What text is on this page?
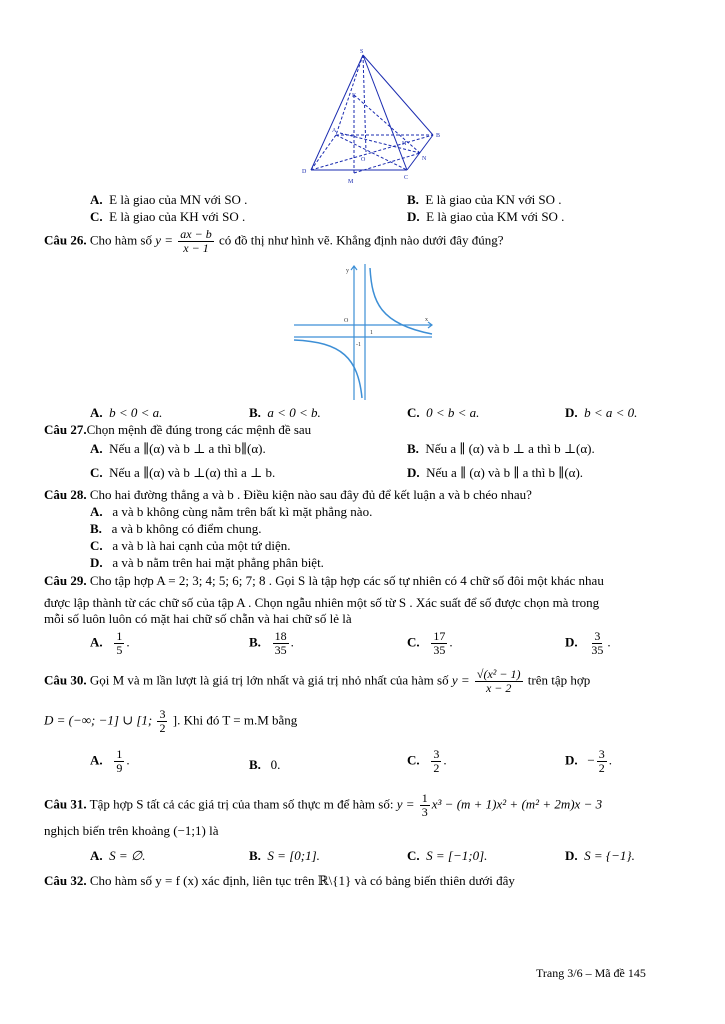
S
K
A
B
N
D
M
C
O
H
A. E là giao của MN với SO .	B. E là giao của KN với SO .
C. E là giao của KH với SO .	D. E là giao của KM với SO .
Câu 26. Cho hàm số $y = \frac{ax - b}{x - 1}$ có đồ thị như hình vẽ. Khẳng định nào dưới đây đúng?
y
x
O
1
-1
A. b < 0 < a.	B. a < 0 < b.	C. 0 < b < a.	D. b < a < 0.
Câu 27.Chọn mệnh đề đúng trong các mệnh đề sau
A. Nếu a ∥(α) và b ⊥ a thì b∥(α).	B. Nếu a ∥ (α) và b ⊥ a thì b ⊥(α).
C. Nếu a ∥(α) và b ⊥(α) thì a ⊥ b.	D. Nếu a ∥ (α) và b ∥ a thì b ∥(α).
Câu 28. Cho hai đường thẳng a và b . Điều kiện nào sau đây đủ để kết luận a và b chéo nhau?
A. a và b không cùng nằm trên bất kì mặt phẳng nào.
B. a và b không có điểm chung.
C. a và b là hai cạnh của một tứ diện.
D. a và b nằm trên hai mặt phẳng phân biệt.
Câu 29. Cho tập hợp A = 2; 3; 4; 5; 6; 7; 8 . Gọi S là tập hợp các số tự nhiên có 4 chữ số đôi một khác nhau
được lập thành từ các chữ số của tập A . Chọn ngẫu nhiên một số từ S . Xác suất để số được chọn mà trong
mỗi số luôn luôn có mặt hai chữ số chẵn và hai chữ số lẻ là
A. $\frac{1}{5}$ .	B. $\frac{18}{35}$ .	C. $\frac{17}{35}$ .	D. $\frac{3}{35}$ .
Câu 30. Gọi M và m lần lượt là giá trị lớn nhất và giá trị nhỏ nhất của hàm số $y = \frac{\text{√(x² − 1)}}{x - 2}$ trên tập hợp
D = (−∞; −1] ∪ [1; $\frac{3}{2}$ ]. Khi đó T = m.M bằng
A. $\frac{1}{9}$ .	B. 0.	C. $\frac{3}{2}$ .	D. − $\frac{3}{2}$ .
Câu 31. Tập hợp S tất cả các giá trị của tham số thực m để hàm số: $y = \frac{1}{3} x^3 - (m + 1)x^2 + (m^2 + 2m)x - 3$
nghịch biến trên khoảng (−1;1) là
A. S = ∅.	B. S = [0;1].	C. S = [−1;0].	D. S = {−1}.
Câu 32. Cho hàm số y = f (x) xác định, liên tục trên ℝ\{1} và có bảng biến thiên dưới đây
Trang 3/6 – Mã đề 145
